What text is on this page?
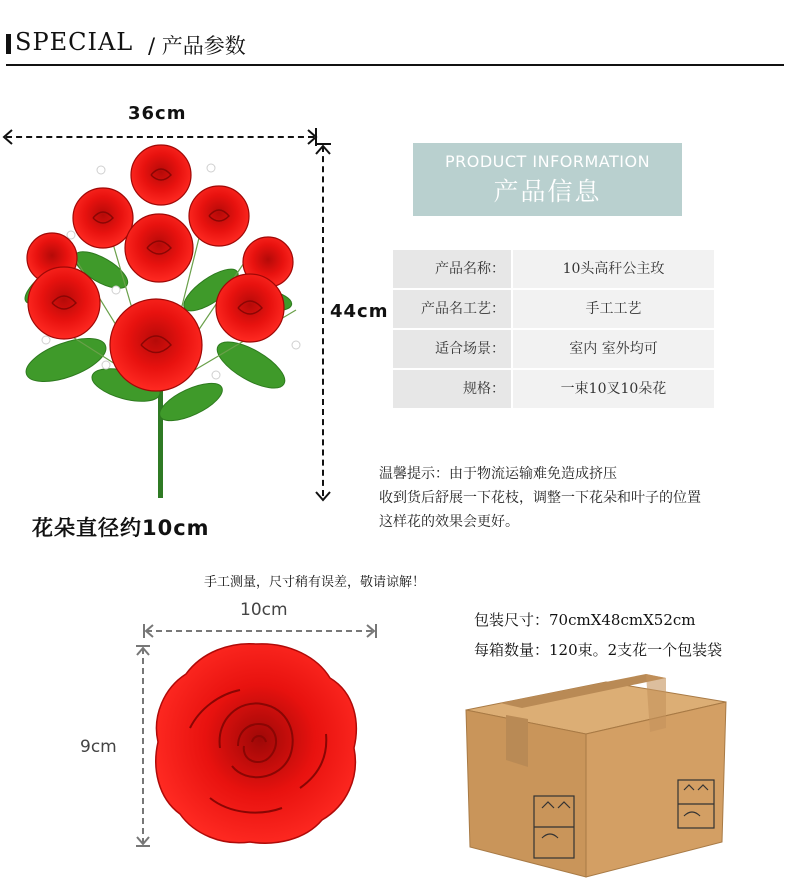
SPECIAL / 产品参数
36cm
44cm
花朵直径约10cm
PRODUCT INFORMATION
产品信息
产品名称：	10头高秆公主玫
产品名工艺：	手工工艺
适合场景：	室内 室外均可
规格：	一束10叉10朵花
温馨提示：由于物流运输难免造成挤压
收到货后舒展一下花枝，调整一下花朵和叶子的位置
这样花的效果会更好。
手工测量，尺寸稍有误差，敬请谅解！
10cm
9cm
包装尺寸：70cmX48cmX52cm
每箱数量：120束。2支花一个包装袋
